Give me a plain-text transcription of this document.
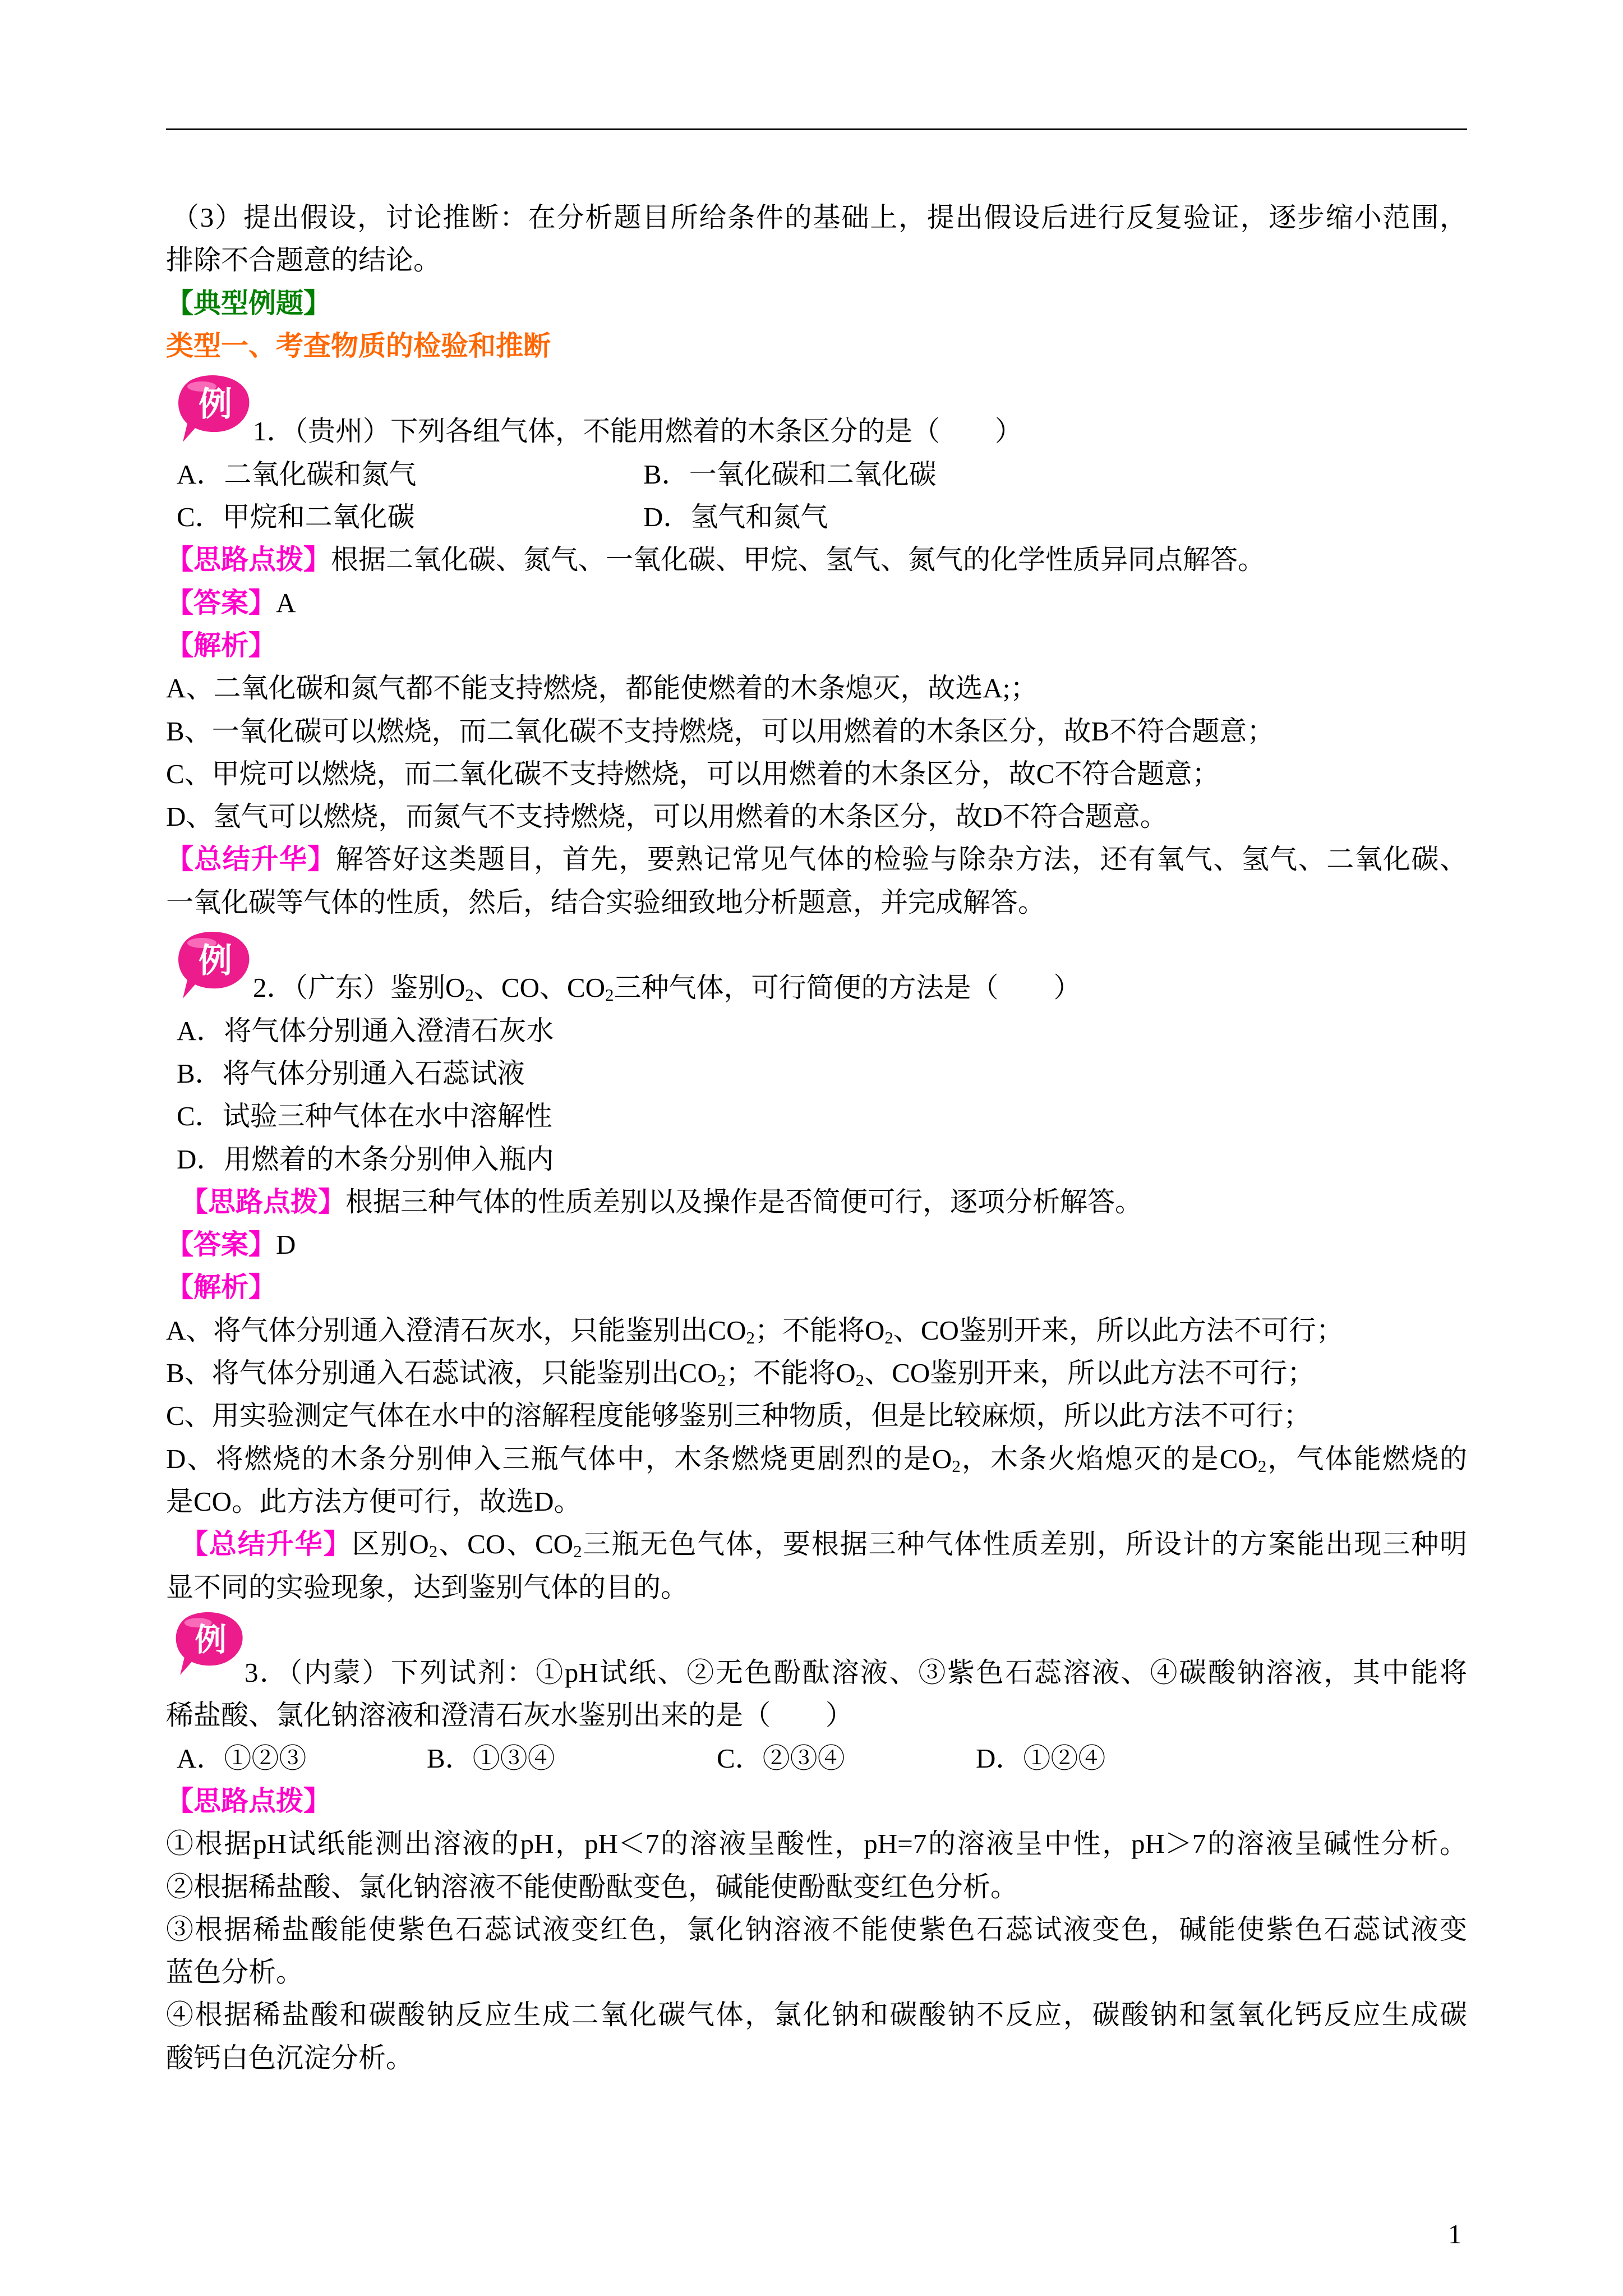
（3）提出假设，讨论推断：在分析题目所给条件的基础上，提出假设后进行反复验证，逐步缩小范围，
排除不合题意的结论。
【典型例题】
类型一、考查物质的检验和推断
例
1．（贵州）下列各组气体，不能用燃着的木条区分的是（　　）
A．二氧化碳和氮气	B．一氧化碳和二氧化碳
C．甲烷和二氧化碳	D．氢气和氮气
【思路点拨】根据二氧化碳、氮气、一氧化碳、甲烷、氢气、氮气的化学性质异同点解答。
【答案】A
【解析】
A、二氧化碳和氮气都不能支持燃烧，都能使燃着的木条熄灭，故选A;；
B、一氧化碳可以燃烧，而二氧化碳不支持燃烧，可以用燃着的木条区分，故B不符合题意；
C、甲烷可以燃烧，而二氧化碳不支持燃烧，可以用燃着的木条区分，故C不符合题意；
D、氢气可以燃烧，而氮气不支持燃烧，可以用燃着的木条区分，故D不符合题意。
【总结升华】解答好这类题目，首先，要熟记常见气体的检验与除杂方法，还有氧气、氢气、二氧化碳、
一氧化碳等气体的性质，然后，结合实验细致地分析题意，并完成解答。
例
2．（广东）鉴别$O_2$、CO、$CO_2$三种气体，可行简便的方法是（　　）
A．将气体分别通入澄清石灰水
B．将气体分别通入石蕊试液
C．试验三种气体在水中溶解性
D．用燃着的木条分别伸入瓶内
【思路点拨】根据三种气体的性质差别以及操作是否简便可行，逐项分析解答。
【答案】D
【解析】
A、将气体分别通入澄清石灰水，只能鉴别出$CO_2$；不能将$O_2$、CO鉴别开来，所以此方法不可行；
B、将气体分别通入石蕊试液，只能鉴别出$CO_2$；不能将$O_2$、CO鉴别开来，所以此方法不可行；
C、用实验测定气体在水中的溶解程度能够鉴别三种物质，但是比较麻烦，所以此方法不可行；
D、将燃烧的木条分别伸入三瓶气体中，木条燃烧更剧烈的是$O_2$，木条火焰熄灭的是$CO_2$，气体能燃烧的
是CO。此方法方便可行，故选D。
【总结升华】区别$O_2$、CO、$CO_2$三瓶无色气体，要根据三种气体性质差别，所设计的方案能出现三种明
显不同的实验现象，达到鉴别气体的目的。
例
3．（内蒙）下列试剂：①pH试纸、②无色酚酞溶液、③紫色石蕊溶液、④碳酸钠溶液，其中能将
稀盐酸、氯化钠溶液和澄清石灰水鉴别出来的是（　　）
A．①②③	B．①③④	C．②③④	D．①②④
【思路点拨】
①根据pH试纸能测出溶液的pH，pH＜7的溶液呈酸性，pH=7的溶液呈中性，pH＞7的溶液呈碱性分析。
②根据稀盐酸、氯化钠溶液不能使酚酞变色，碱能使酚酞变红色分析。
③根据稀盐酸能使紫色石蕊试液变红色，氯化钠溶液不能使紫色石蕊试液变色，碱能使紫色石蕊试液变
蓝色分析。
④根据稀盐酸和碳酸钠反应生成二氧化碳气体，氯化钠和碳酸钠不反应，碳酸钠和氢氧化钙反应生成碳
酸钙白色沉淀分析。
1
